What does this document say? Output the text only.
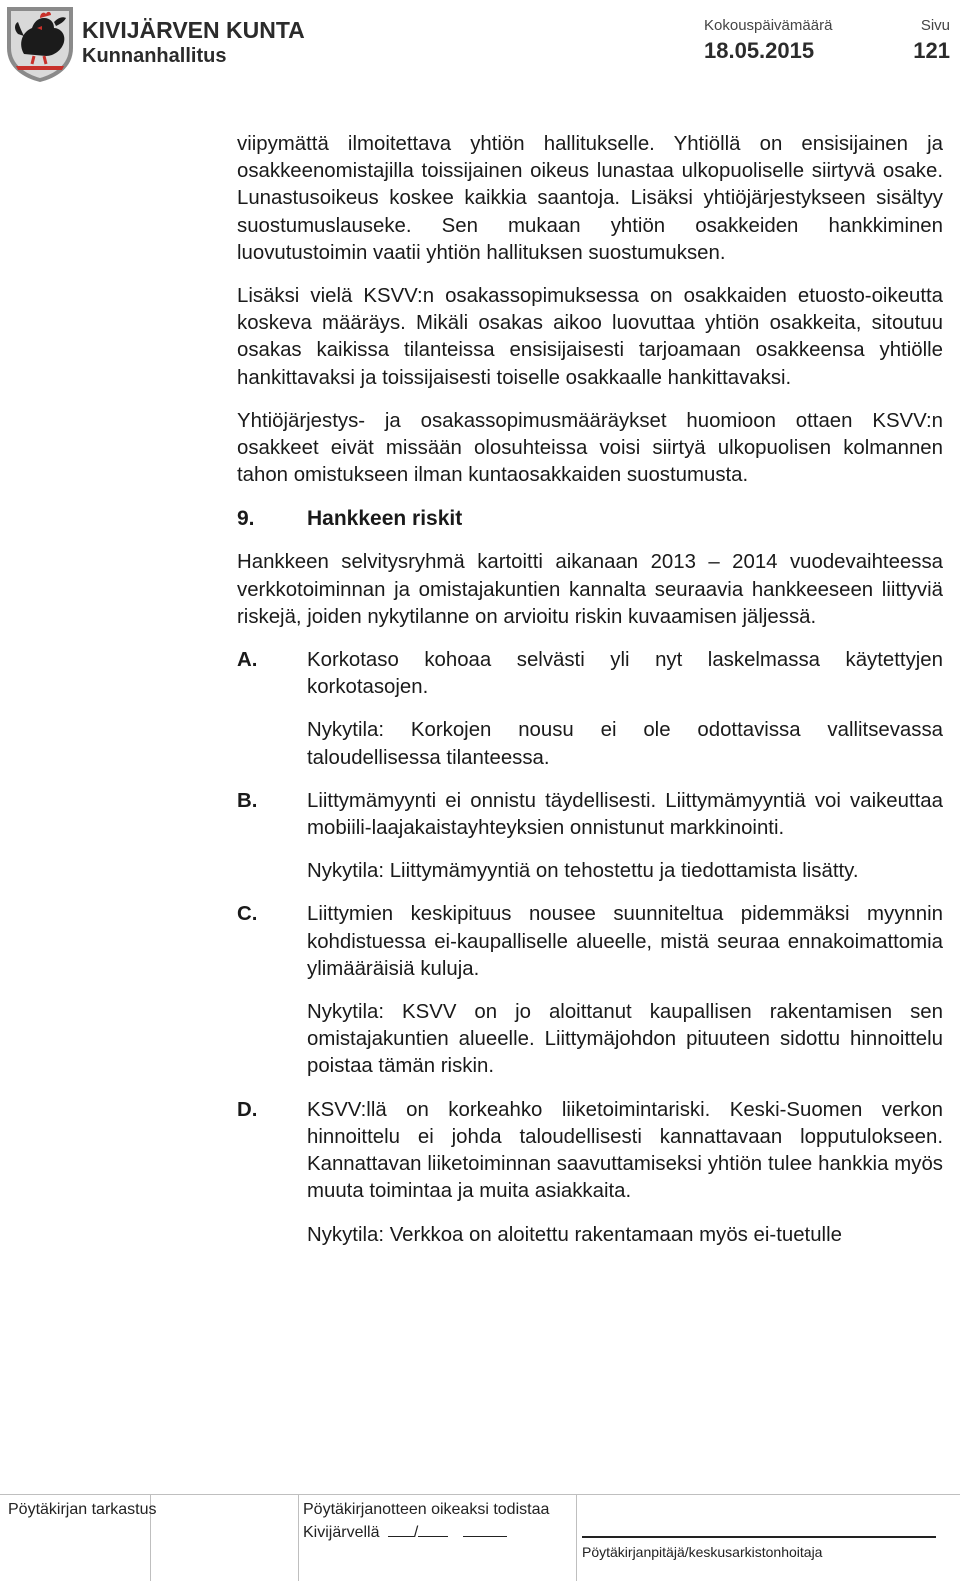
KIVIJÄRVEN KUNTA
Kunnanhallitus
Kokouspäivämäärä
18.05.2015
Sivu
121

viipymättä ilmoitettava yhtiön hallitukselle. Yhtiöllä on ensisijainen ja osakkeenomistajilla toissijainen oikeus lunastaa ulkopuoliselle siirtyvä osake. Lunastusoikeus koskee kaikkia saantoja. Lisäksi yhtiöjärjestykseen sisältyy suostumuslauseke. Sen mukaan yhtiön osakkeiden hankkiminen luovutustoimin vaatii yhtiön hallituksen suostumuksen.

Lisäksi vielä KSVV:n osakassopimuksessa on osakkaiden etuosto-oikeutta koskeva määräys. Mikäli osakas aikoo luovuttaa yhtiön osakkeita, sitoutuu osakas kaikissa tilanteissa ensisijaisesti tarjoamaan osakkeensa yhtiölle hankittavaksi ja toissijaisesti toiselle osakkaalle hankittavaksi.

Yhtiöjärjestys- ja osakassopimusmääräykset huomioon ottaen KSVV:n osakkeet eivät missään olosuhteissa voisi siirtyä ulkopuolisen kolmannen tahon omistukseen ilman kuntaosakkaiden suostumusta.

9.	Hankkeen riskit

Hankkeen selvitysryhmä kartoitti aikanaan 2013 – 2014 vuodevaihteessa verkkotoiminnan ja omistajakuntien kannalta seuraavia hankkeeseen liittyviä riskejä, joiden nykytilanne on arvioitu riskin kuvaamisen jäljessä.

A.	Korkotaso kohoaa selvästi yli nyt laskelmassa käytettyjen korkotasojen.

Nykytila: Korkojen nousu ei ole odottavissa vallitsevassa taloudellisessa tilanteessa.

B.	Liittymämyynti ei onnistu täydellisesti. Liittymämyyntiä voi vaikeuttaa mobiili-laajakaistayhteyksien onnistunut markkinointi.

Nykytila: Liittymämyyntiä on tehostettu ja tiedottamista lisätty.

C.	Liittymien keskipituus nousee suunniteltua pidemmäksi myynnin kohdistuessa ei-kaupalliselle alueelle, mistä seuraa ennakoimattomia ylimääräisiä kuluja.

Nykytila: KSVV on jo aloittanut kaupallisen rakentamisen sen omistajakuntien alueelle. Liittymäjohdon pituuteen sidottu hinnoittelu poistaa tämän riskin.

D.	KSVV:llä on korkeahko liiketoimintariski. Keski-Suomen verkon hinnoittelu ei johda taloudellisesti kannattavaan lopputulokseen. Kannattavan liiketoiminnan saavuttamiseksi yhtiön tulee hankkia myös muuta toimintaa ja muita asiakkaita.

Nykytila: Verkkoa on aloitettu rakentamaan myös ei-tuetulle

Pöytäkirjan tarkastus	Pöytäkirjanotteen oikeaksi todistaa
Kivijärvellä /
Pöytäkirjanpitäjä/keskusarkistonhoitaja
